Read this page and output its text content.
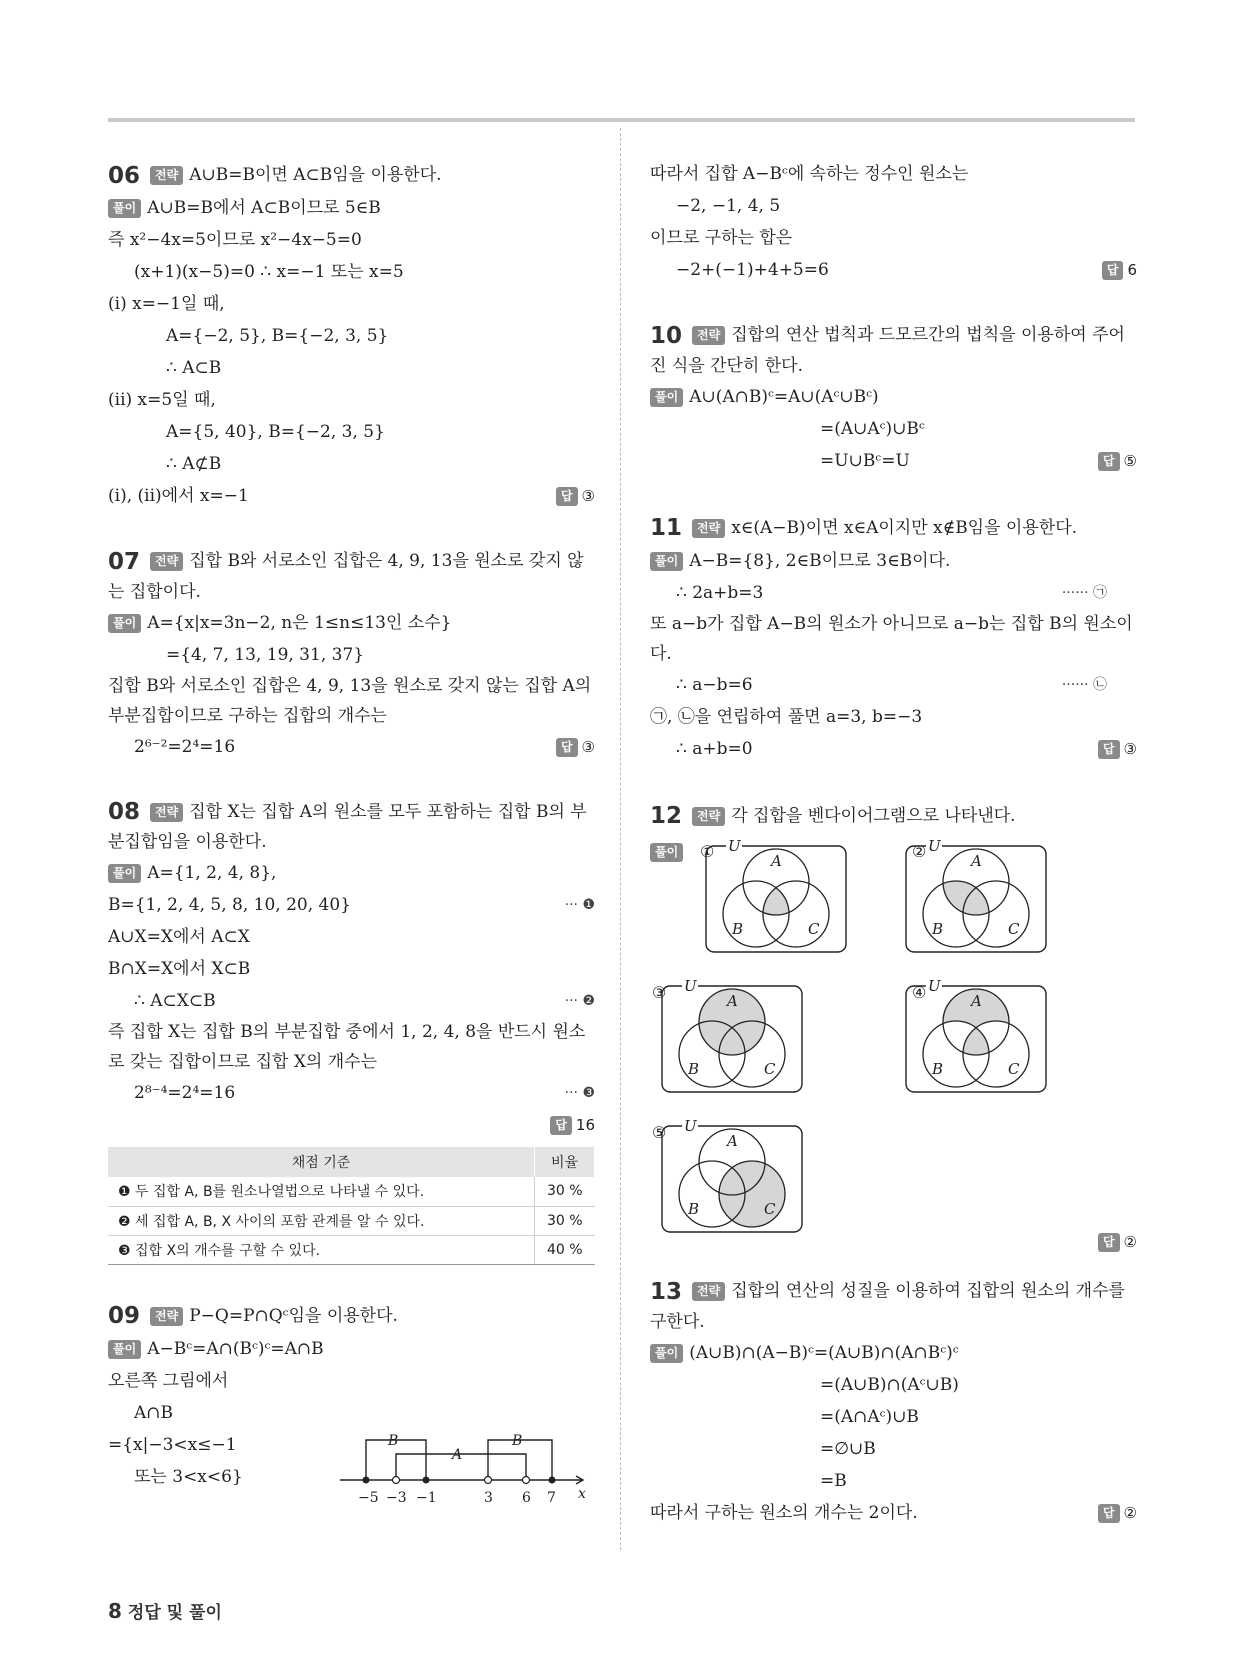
06 전략 A∪B=B이면 A⊂B임을 이용한다.
풀이 A∪B=B에서 A⊂B이므로 5∈B
즉 x²−4x=5이므로 x²−4x−5=0
(x+1)(x−5)=0 ∴ x=−1 또는 x=5
(i) x=−1일 때,
A={−2, 5}, B={−2, 3, 5}
∴ A⊂B
(ii) x=5일 때,
A={5, 40}, B={−2, 3, 5}
∴ A⊄B
(i), (ii)에서 x=−1	답 ③
07 전략 집합 B와 서로소인 집합은 4, 9, 13을 원소로 갖지 않는 집합이다.
풀이 A={x|x=3n−2, n은 1≤n≤13인 소수}
={4, 7, 13, 19, 31, 37}
집합 B와 서로소인 집합은 4, 9, 13을 원소로 갖지 않는 집합 A의 부분집합이므로 구하는 집합의 개수는
2⁶⁻²=2⁴=16	답 ③
08 전략 집합 X는 집합 A의 원소를 모두 포함하는 집합 B의 부분집합임을 이용한다.
풀이 A={1, 2, 4, 8},
B={1, 2, 4, 5, 8, 10, 20, 40}	··· ❶
A∪X=X에서 A⊂X
B∩X=X에서 X⊂B
∴ A⊂X⊂B	··· ❷
즉 집합 X는 집합 B의 부분집합 중에서 1, 2, 4, 8을 반드시 원소로 갖는 집합이므로 집합 X의 개수는
2⁸⁻⁴=2⁴=16	··· ❸
답 16
채점 기준	비율
❶ 두 집합 A, B를 원소나열법으로 나타낼 수 있다.	30 %
❷ 세 집합 A, B, X 사이의 포함 관계를 알 수 있다.	30 %
❸ 집합 X의 개수를 구할 수 있다.	40 %
09 전략 P−Q=P∩Qᶜ임을 이용한다.
풀이 A−Bᶜ=A∩(Bᶜ)ᶜ=A∩B
오른쪽 그림에서
A∩B
={x|−3<x≤−1
또는 3<x<6}
−5 −3 −1	3 6 7 x
B
A
B
따라서 집합 A−Bᶜ에 속하는 정수인 원소는
−2, −1, 4, 5
이므로 구하는 합은
−2+(−1)+4+5=6	답 6
10 전략 집합의 연산 법칙과 드모르간의 법칙을 이용하여 주어진 식을 간단히 한다.
풀이 A∪(A∩B)ᶜ=A∪(Aᶜ∪Bᶜ)
=(A∪Aᶜ)∪Bᶜ
=U∪Bᶜ=U	답 ⑤
11 전략 x∈(A−B)이면 x∈A이지만 x∉B임을 이용한다.
풀이 A−B={8}, 2∈B이므로 3∈B이다.
∴ 2a+b=3	······ ㉠
또 a−b가 집합 A−B의 원소가 아니므로 a−b는 집합 B의 원소이다.
∴ a−b=6	······ ㉡
㉠, ㉡을 연립하여 풀면 a=3, b=−3
∴ a+b=0	답 ③
12 전략 각 집합을 벤다이어그램으로 나타낸다.
풀이	①	②
③	④
⑤
U
A
B	C
U
A
B	C
U
A
B	C
U
A
B	C
U
A
B	C
답 ②
13 전략 집합의 연산의 성질을 이용하여 집합의 원소의 개수를 구한다.
풀이 (A∪B)∩(A−B)ᶜ=(A∪B)∩(A∩Bᶜ)ᶜ
=(A∪B)∩(Aᶜ∪B)
=(A∩Aᶜ)∪B
=∅∪B
=B
따라서 구하는 원소의 개수는 2이다.	답 ②
8 정답 및 풀이
